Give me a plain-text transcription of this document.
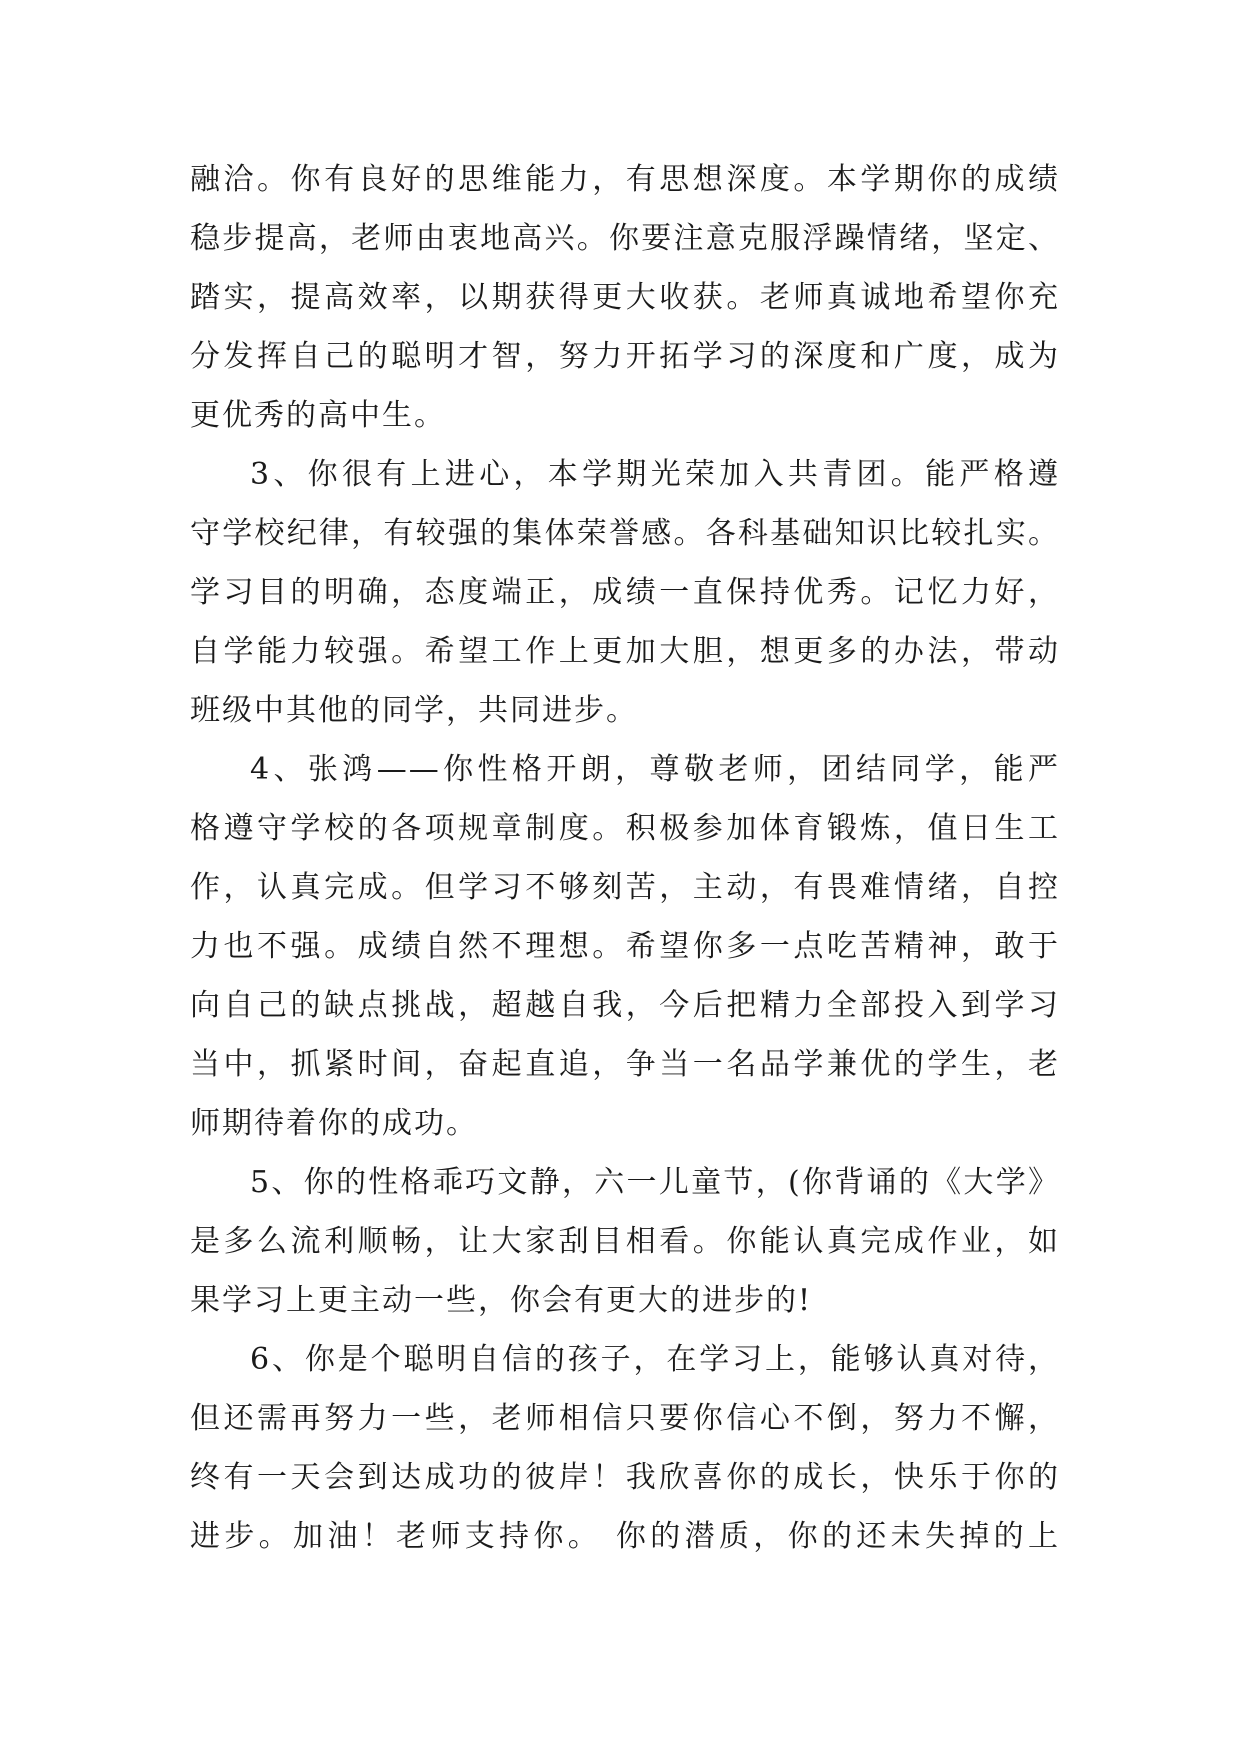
融洽。你有良好的思维能力，有思想深度。本学期你的成绩
稳步提高，老师由衷地高兴。你要注意克服浮躁情绪，坚定、
踏实，提高效率，以期获得更大收获。老师真诚地希望你充
分发挥自己的聪明才智，努力开拓学习的深度和广度，成为
更优秀的高中生。
3、你很有上进心，本学期光荣加入共青团。能严格遵
守学校纪律，有较强的集体荣誉感。各科基础知识比较扎实。
学习目的明确，态度端正，成绩一直保持优秀。记忆力好，
自学能力较强。希望工作上更加大胆，想更多的办法，带动
班级中其他的同学，共同进步。
4、张鸿——你性格开朗，尊敬老师，团结同学，能严
格遵守学校的各项规章制度。积极参加体育锻炼，值日生工
作，认真完成。但学习不够刻苦，主动，有畏难情绪，自控
力也不强。成绩自然不理想。希望你多一点吃苦精神，敢于
向自己的缺点挑战，超越自我，今后把精力全部投入到学习
当中，抓紧时间，奋起直追，争当一名品学兼优的学生，老
师期待着你的成功。
5、你的性格乖巧文静，六一儿童节，(你背诵的《大学》
是多么流利顺畅，让大家刮目相看。你能认真完成作业，如
果学习上更主动一些，你会有更大的进步的!
6、你是个聪明自信的孩子，在学习上，能够认真对待，
但还需再努力一些，老师相信只要你信心不倒，努力不懈，
终有一天会到达成功的彼岸！我欣喜你的成长，快乐于你的
进步。加油！老师支持你。 你的潜质，你的还未失掉的上
